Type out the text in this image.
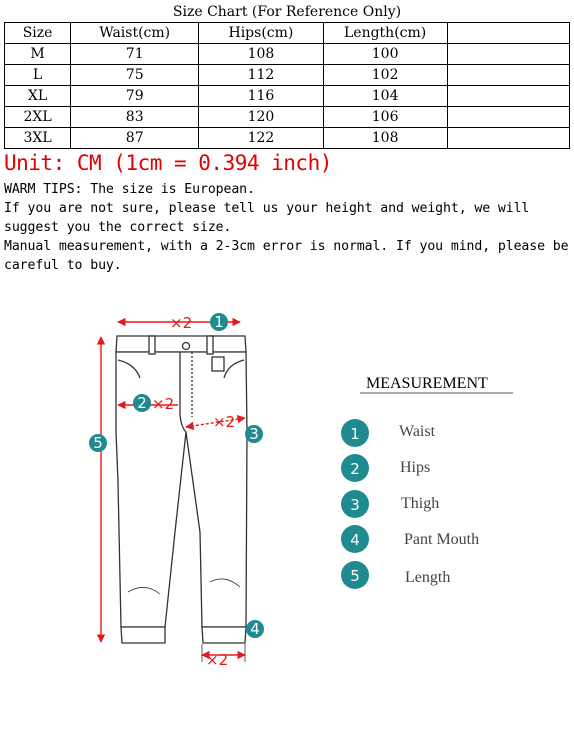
Size Chart (For Reference Only)				
Size	Waist(cm)	Hips(cm)	Length(cm)	
M	71	108	100	
L	75	112	102	
XL	79	116	104	
2XL	83	120	106	
3XL	87	122	108	
Unit: CM (1cm = 0.394 inch)

WARM TIPS: The size is European.

If you are not sure, please tell us your height and weight, we will suggest you the correct size.

Manual measurement, with a 2-3cm error is normal. If you mind, please be careful to buy.

×2
×2
×2
×2
1
2
3
4
5
MEASUREMENT
1 Waist
2	Hips
3	Thigh
4	Pant Mouth
5	Length
